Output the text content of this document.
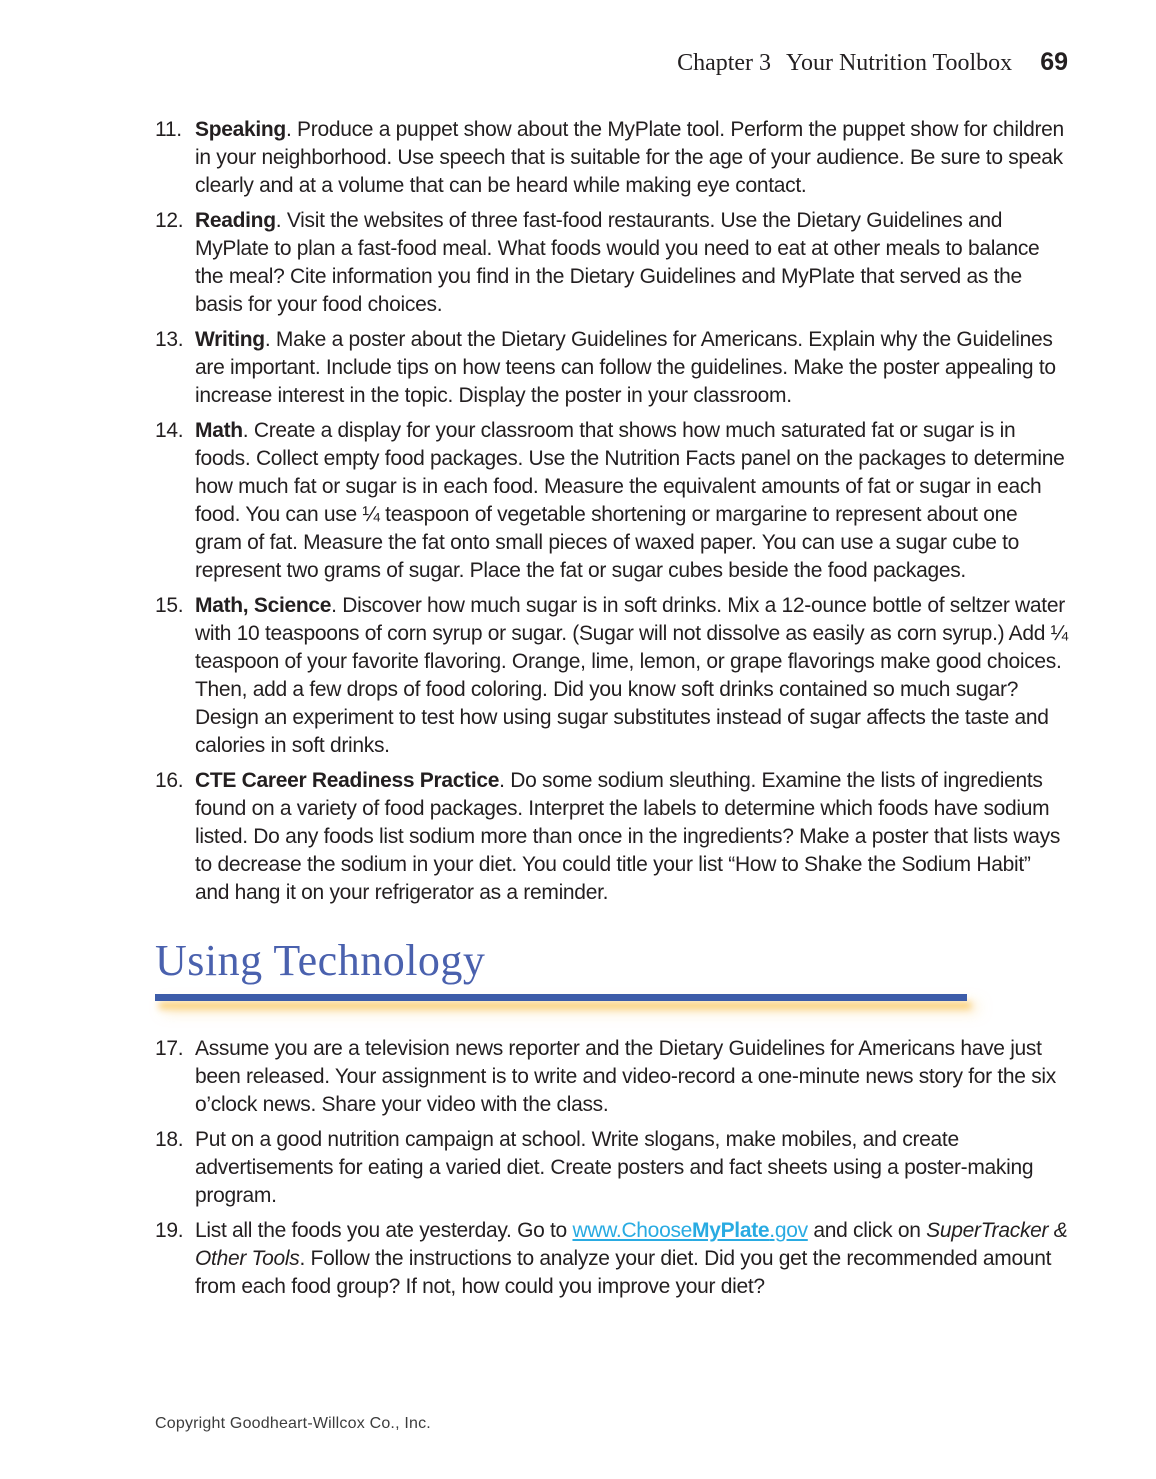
Chapter 3 Your Nutrition Toolbox 69
11. Speaking. Produce a puppet show about the MyPlate tool. Perform the puppet show for children in your neighborhood. Use speech that is suitable for the age of your audience. Be sure to speak clearly and at a volume that can be heard while making eye contact.
12. Reading. Visit the websites of three fast-food restaurants. Use the Dietary Guidelines and MyPlate to plan a fast-food meal. What foods would you need to eat at other meals to balance the meal? Cite information you find in the Dietary Guidelines and MyPlate that served as the basis for your food choices.
13. Writing. Make a poster about the Dietary Guidelines for Americans. Explain why the Guidelines are important. Include tips on how teens can follow the guidelines. Make the poster appealing to increase interest in the topic. Display the poster in your classroom.
14. Math. Create a display for your classroom that shows how much saturated fat or sugar is in foods. Collect empty food packages. Use the Nutrition Facts panel on the packages to determine how much fat or sugar is in each food. Measure the equivalent amounts of fat or sugar in each food. You can use ¼ teaspoon of vegetable shortening or margarine to represent about one gram of fat. Measure the fat onto small pieces of waxed paper. You can use a sugar cube to represent two grams of sugar. Place the fat or sugar cubes beside the food packages.
15. Math, Science. Discover how much sugar is in soft drinks. Mix a 12-ounce bottle of seltzer water with 10 teaspoons of corn syrup or sugar. (Sugar will not dissolve as easily as corn syrup.) Add ¼ teaspoon of your favorite flavoring. Orange, lime, lemon, or grape flavorings make good choices. Then, add a few drops of food coloring. Did you know soft drinks contained so much sugar? Design an experiment to test how using sugar substitutes instead of sugar affects the taste and calories in soft drinks.
16. CTE Career Readiness Practice. Do some sodium sleuthing. Examine the lists of ingredients found on a variety of food packages. Interpret the labels to determine which foods have sodium listed. Do any foods list sodium more than once in the ingredients? Make a poster that lists ways to decrease the sodium in your diet. You could title your list “How to Shake the Sodium Habit” and hang it on your refrigerator as a reminder.
Using Technology
17. Assume you are a television news reporter and the Dietary Guidelines for Americans have just been released. Your assignment is to write and video-record a one-minute news story for the six o’clock news. Share your video with the class.
18. Put on a good nutrition campaign at school. Write slogans, make mobiles, and create advertisements for eating a varied diet. Create posters and fact sheets using a poster-making program.
19. List all the foods you ate yesterday. Go to www.ChooseMyPlate.gov and click on SuperTracker & Other Tools. Follow the instructions to analyze your diet. Did you get the recommended amount from each food group? If not, how could you improve your diet?
Copyright Goodheart-Willcox Co., Inc.
